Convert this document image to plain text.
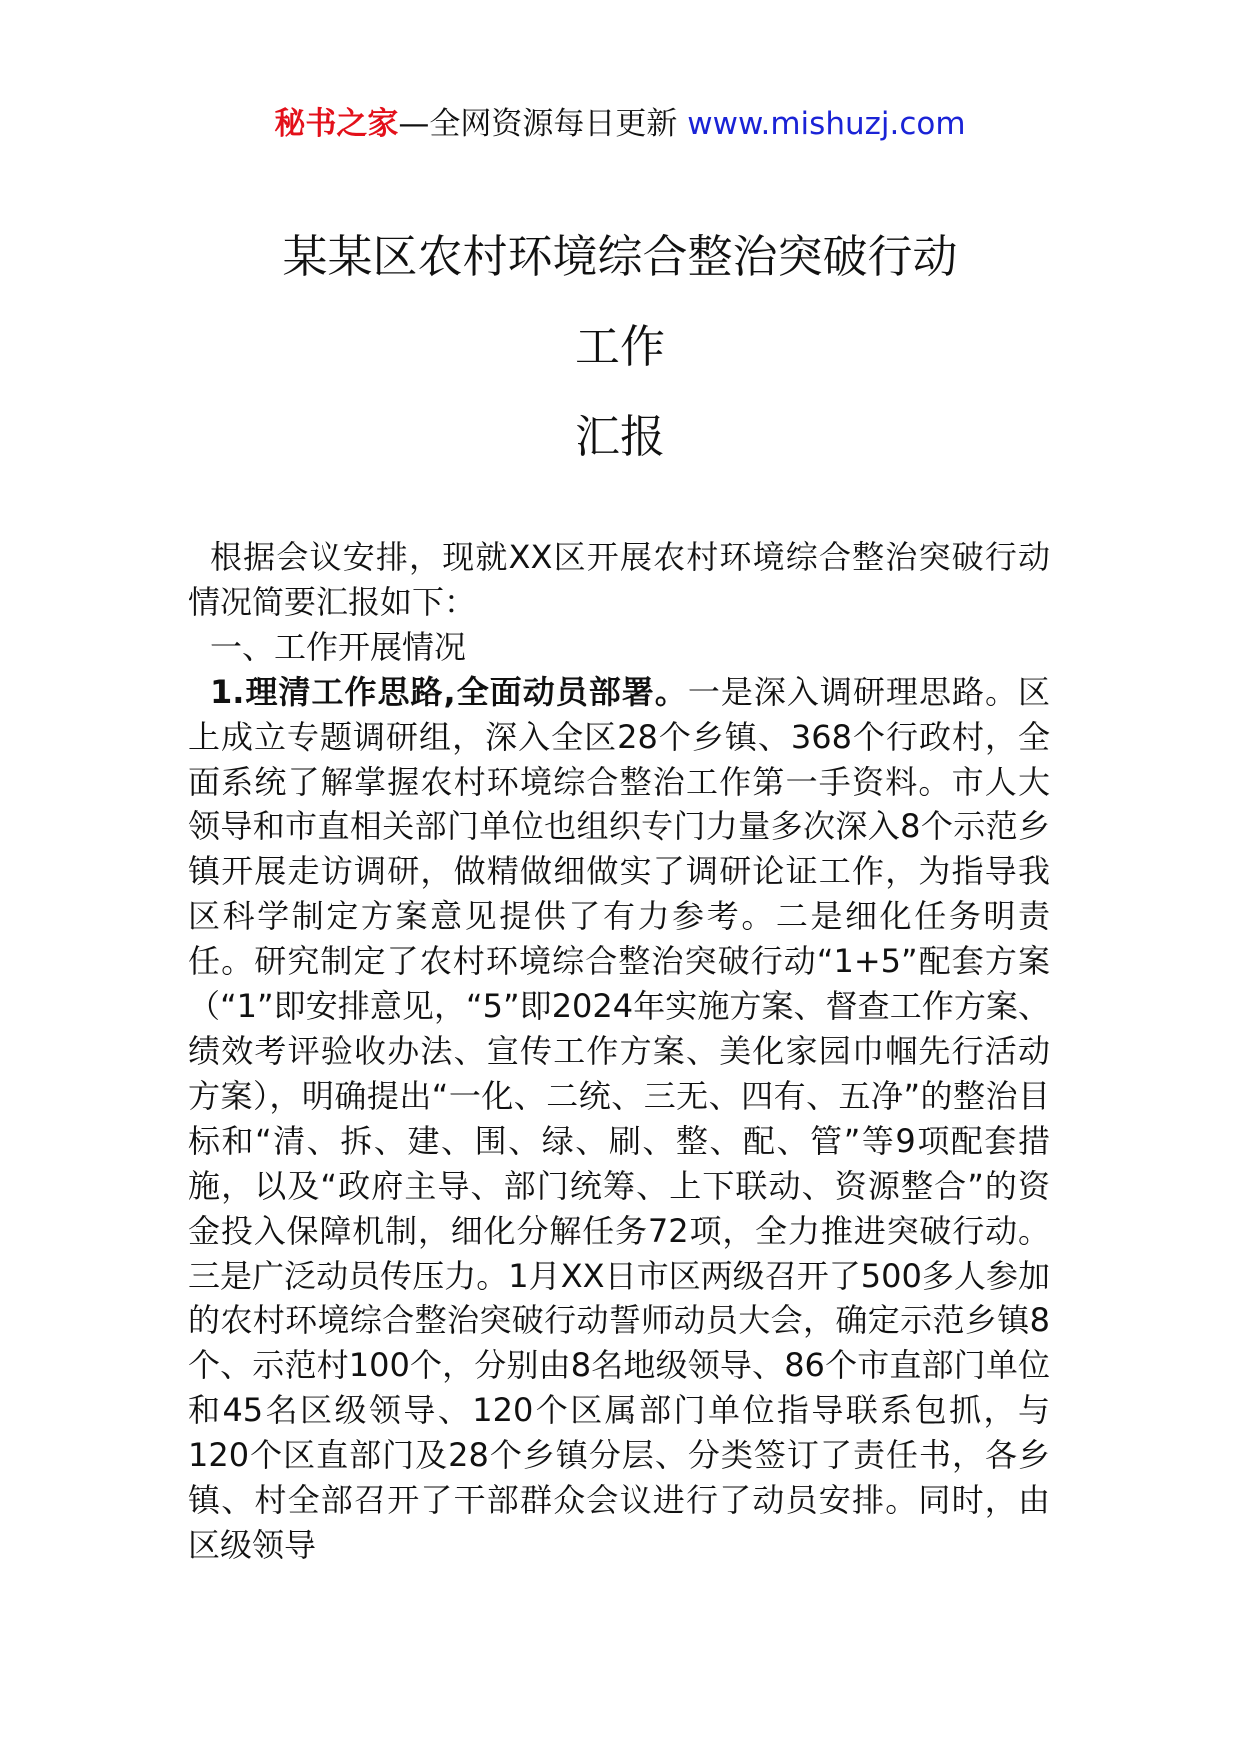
秘书之家—全网资源每日更新 www.mishuzj.com
某某区农村环境综合整治突破行动
工作
汇报

根据会议安排，现就XX区开展农村环境综合整治突破行动情况简要汇报如下：

一、工作开展情况

1.理清工作思路,全面动员部署。一是深入调研理思路。区上成立专题调研组，深入全区28个乡镇、368个行政村，全面系统了解掌握农村环境综合整治工作第一手资料。市人大领导和市直相关部门单位也组织专门力量多次深入8个示范乡镇开展走访调研，做精做细做实了调研论证工作，为指导我区科学制定方案意见提供了有力参考。二是细化任务明责任。研究制定了农村环境综合整治突破行动“1+5”配套方案（“1”即安排意见，“5”即2024年实施方案、督查工作方案、绩效考评验收办法、宣传工作方案、美化家园巾帼先行活动方案），明确提出“一化、二统、三无、四有、五净”的整治目标和“清、拆、建、围、绿、刷、整、配、管”等9项配套措施，以及“政府主导、部门统筹、上下联动、资源整合”的资金投入保障机制，细化分解任务72项，全力推进突破行动。三是广泛动员传压力。1月XX日市区两级召开了500多人参加的农村环境综合整治突破行动誓师动员大会，确定示范乡镇8个、示范村100个，分别由8名地级领导、86个市直部门单位和45名区级领导、120个区属部门单位指导联系包抓，与120个区直部门及28个乡镇分层、分类签订了责任书，各乡镇、村全部召开了干部群众会议进行了动员安排。同时，由区级领导
